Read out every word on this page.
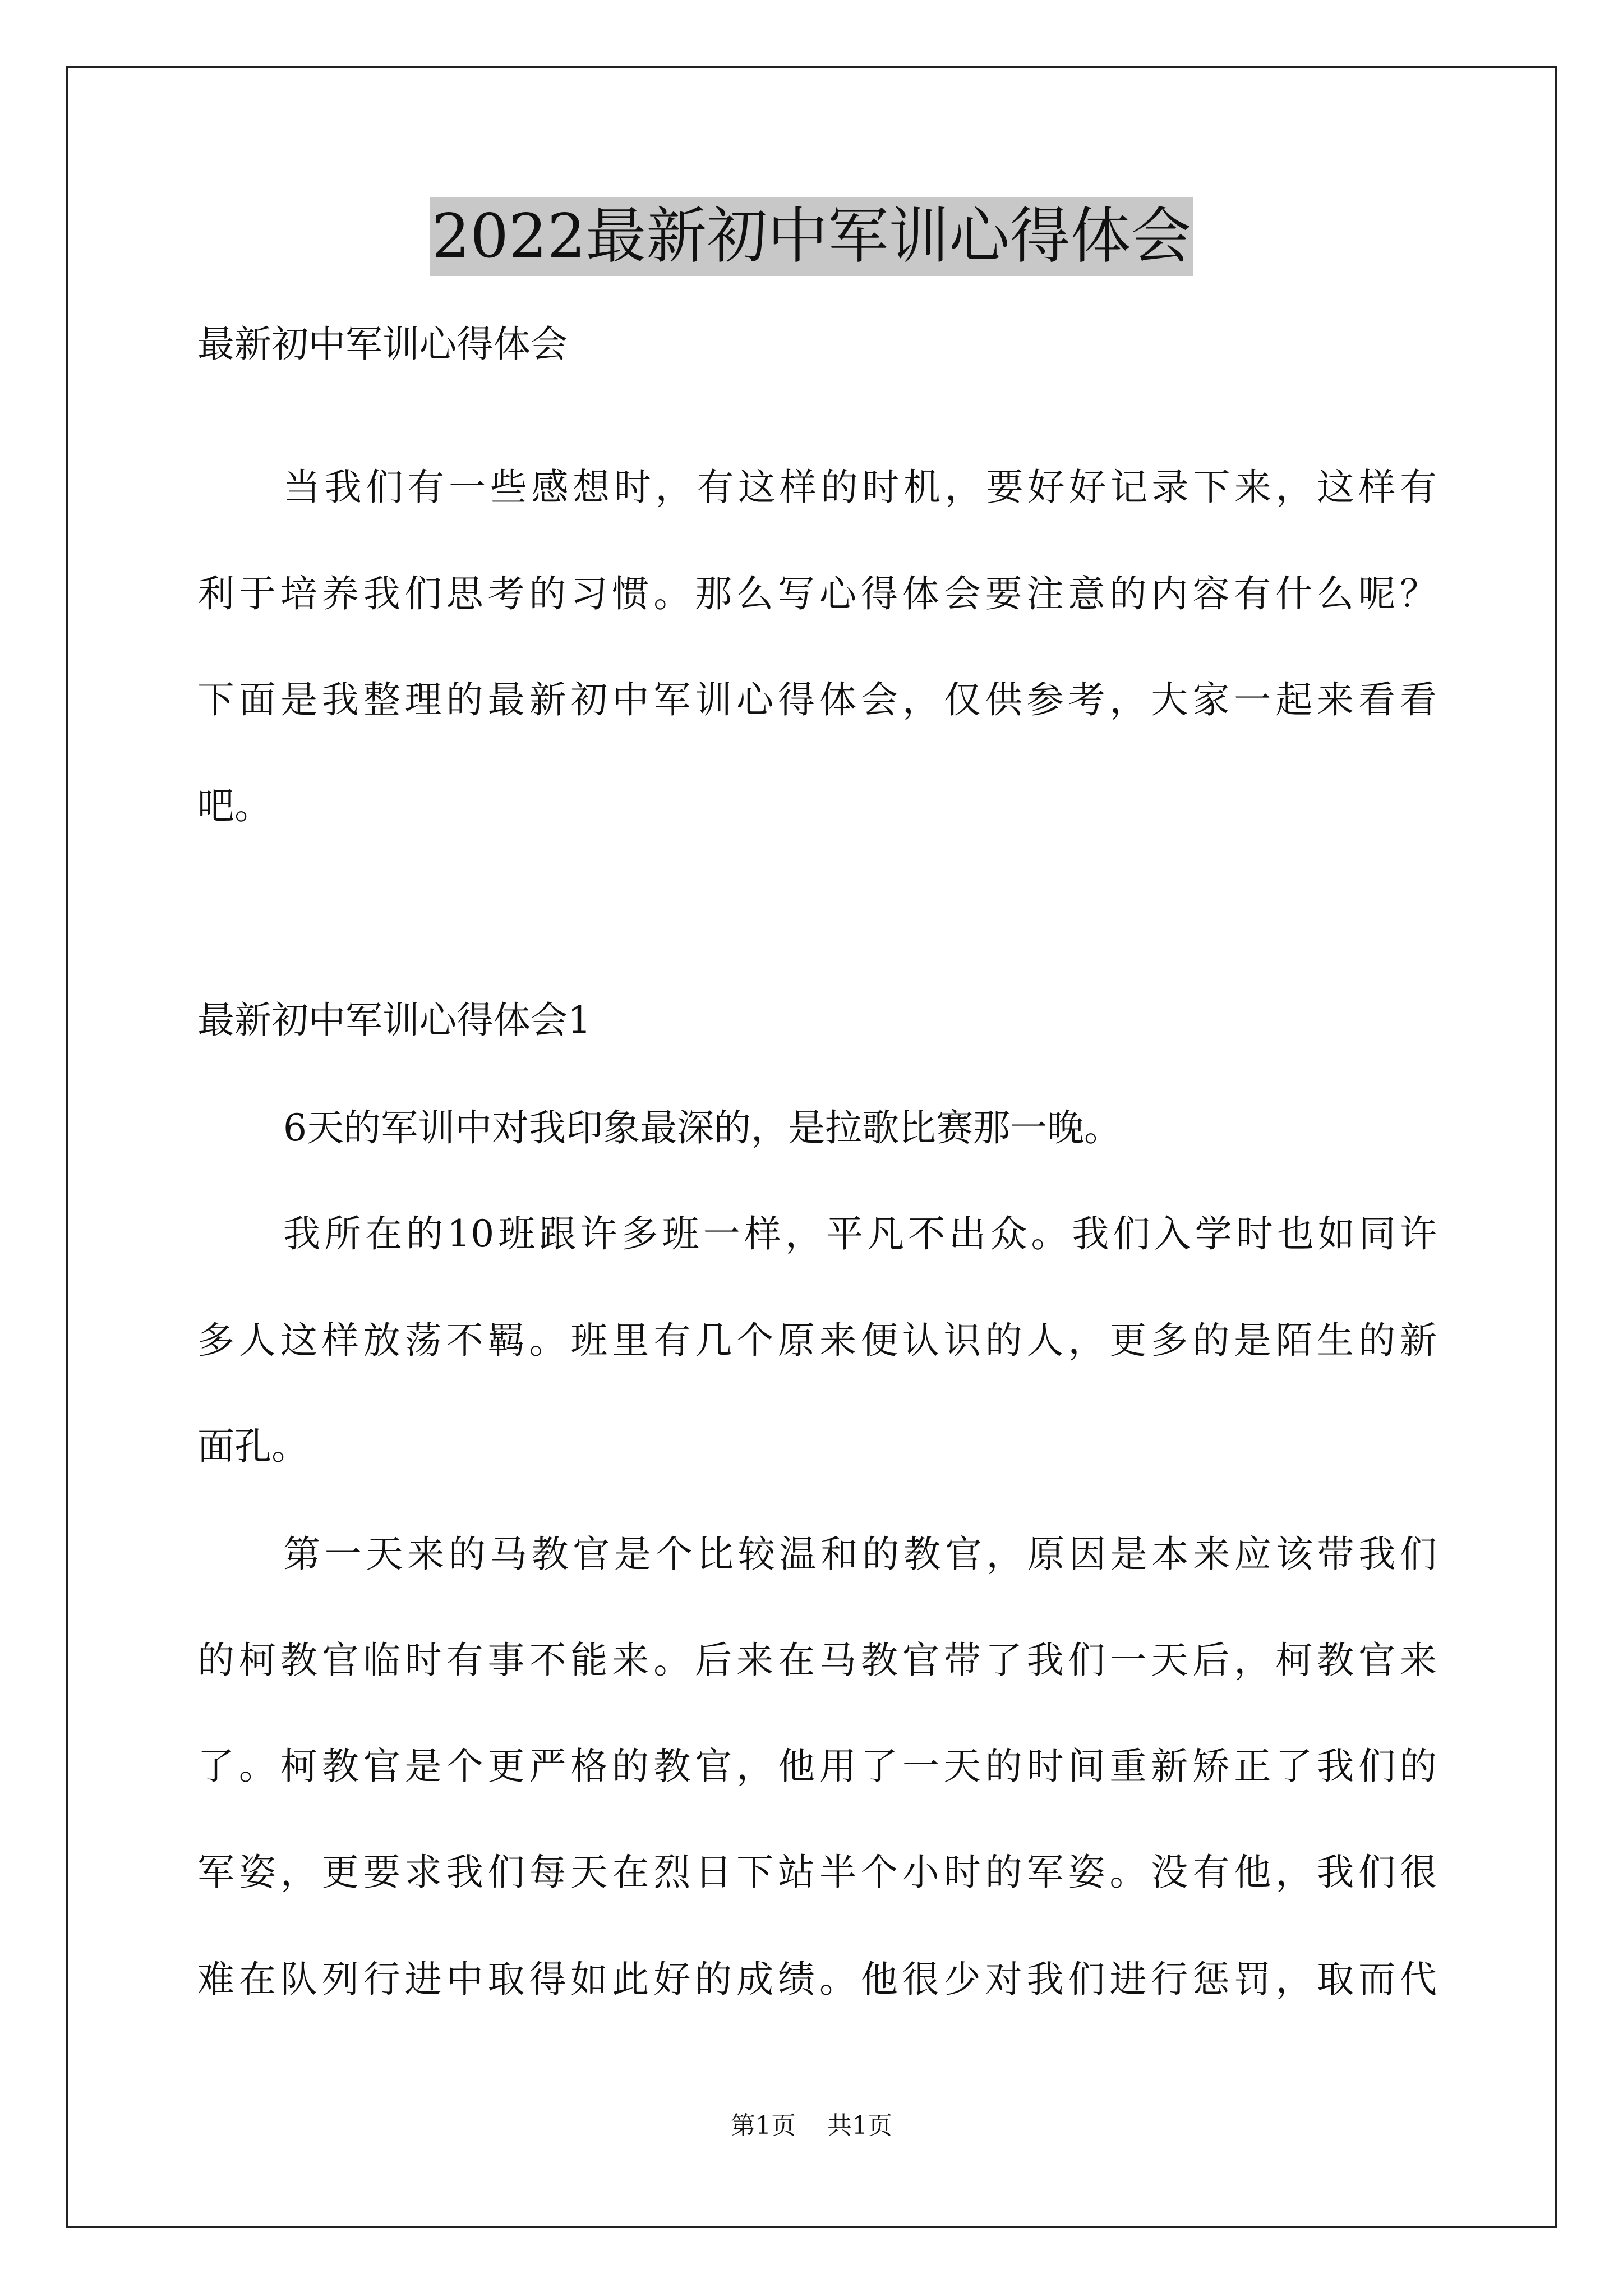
2022最新初中军训心得体会
最新初中军训心得体会
当我们有一些感想时，有这样的时机，要好好记录下来，这样有
利于培养我们思考的习惯。那么写心得体会要注意的内容有什么呢？
下面是我整理的最新初中军训心得体会，仅供参考，大家一起来看看
吧。
最新初中军训心得体会1
6天的军训中对我印象最深的，是拉歌比赛那一晚。
我所在的10班跟许多班一样，平凡不出众。我们入学时也如同许
多人这样放荡不羁。班里有几个原来便认识的人，更多的是陌生的新
面孔。
第一天来的马教官是个比较温和的教官，原因是本来应该带我们
的柯教官临时有事不能来。后来在马教官带了我们一天后，柯教官来
了。柯教官是个更严格的教官，他用了一天的时间重新矫正了我们的
军姿，更要求我们每天在烈日下站半个小时的军姿。没有他，我们很
难在队列行进中取得如此好的成绩。他很少对我们进行惩罚，取而代
第1页 共1页
